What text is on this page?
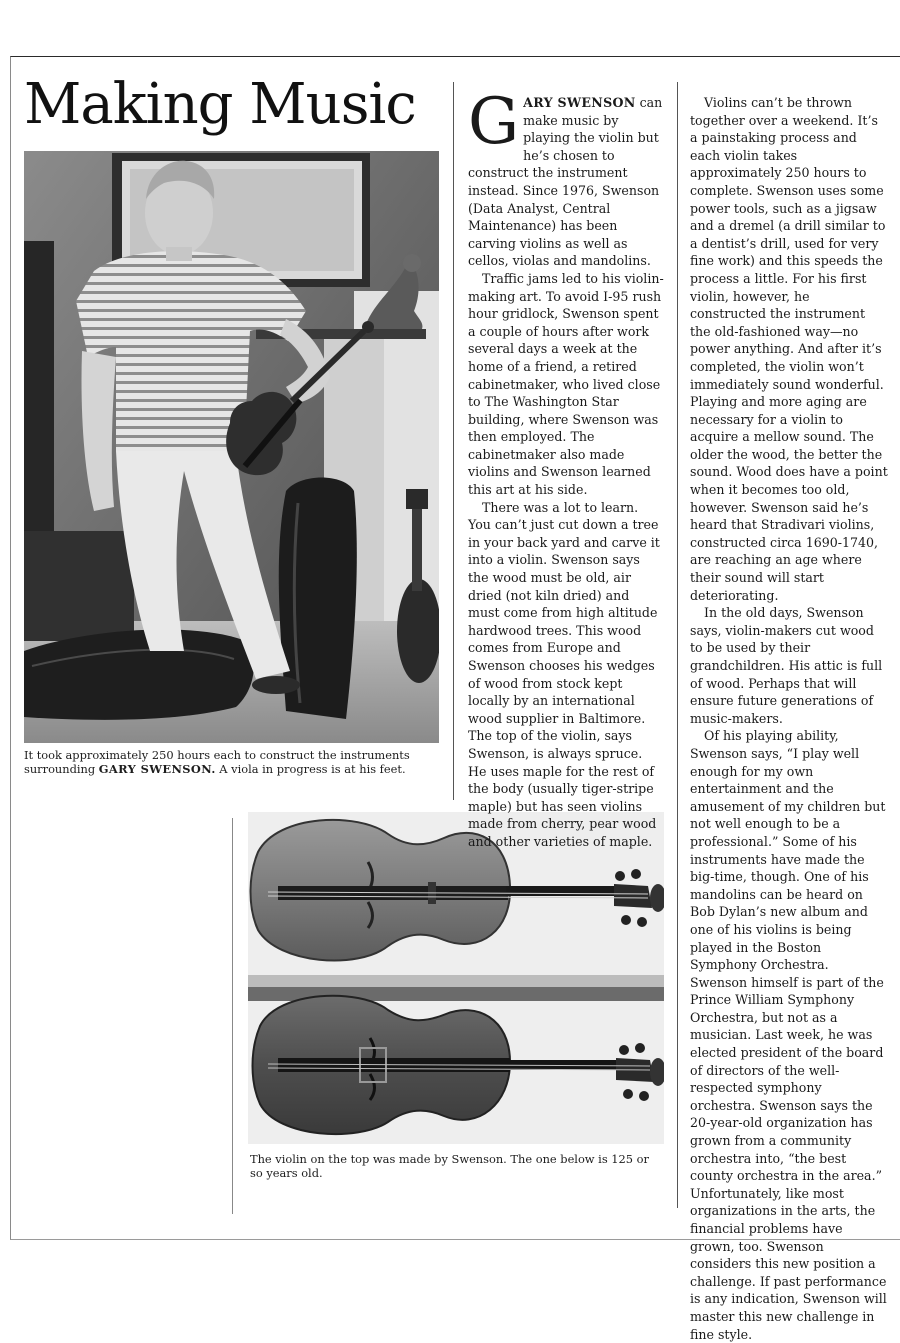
Making Music

It took approximately 250 hours each to construct the instruments surrounding GARY SWENSON. A viola in progress is at his feet.

The violin on the top was made by Swenson. The one below is 125 or so years old.

GARY SWENSON can make music by playing the violin but he’s chosen to construct the instrument instead. Since 1976, Swenson (Data Analyst, Central Maintenance) has been carving violins as well as cellos, violas and mandolins.

Traffic jams led to his violin-making art. To avoid I-95 rush hour gridlock, Swenson spent a couple of hours after work several days a week at the home of a friend, a retired cabinetmaker, who lived close to The Washington Star building, where Swenson was then employed. The cabinetmaker also made violins and Swenson learned this art at his side.

There was a lot to learn. You can’t just cut down a tree in your back yard and carve it into a violin. Swenson says the wood must be old, air dried (not kiln dried) and must come from high altitude hardwood trees. This wood comes from Europe and Swenson chooses his wedges of wood from stock kept locally by an international wood supplier in Baltimore. The top of the violin, says Swenson, is always spruce. He uses maple for the rest of the body (usually tiger-stripe maple) but has seen violins made from cherry, pear wood and other varieties of maple.

Violins can’t be thrown together over a weekend. It’s a painstaking process and each violin takes approximately 250 hours to complete. Swenson uses some power tools, such as a jigsaw and a dremel (a drill similar to a dentist’s drill, used for very fine work) and this speeds the process a little. For his first violin, however, he constructed the instrument the old-fashioned way—no power anything. And after it’s completed, the violin won’t immediately sound wonderful. Playing and more aging are necessary for a violin to acquire a mellow sound. The older the wood, the better the sound. Wood does have a point when it becomes too old, however. Swenson said he’s heard that Stradivari violins, constructed circa 1690-1740, are reaching an age where their sound will start deteriorating.

In the old days, Swenson says, violin-makers cut wood to be used by their grandchildren. His attic is full of wood. Perhaps that will ensure future generations of music-makers.

Of his playing ability, Swenson says, “I play well enough for my own entertainment and the amusement of my children but not well enough to be a professional.” Some of his instruments have made the big-time, though. One of his mandolins can be heard on Bob Dylan’s new album and one of his violins is being played in the Boston Symphony Orchestra. Swenson himself is part of the Prince William Symphony Orchestra, but not as a musician. Last week, he was elected president of the board of directors of the well-respected symphony orchestra. Swenson says the 20-year-old organization has grown from a community orchestra into, “the best county orchestra in the area.” Unfortunately, like most organizations in the arts, the financial problems have grown, too. Swenson considers this new position a challenge. If past performance is any indication, Swenson will master this new challenge in fine style.
